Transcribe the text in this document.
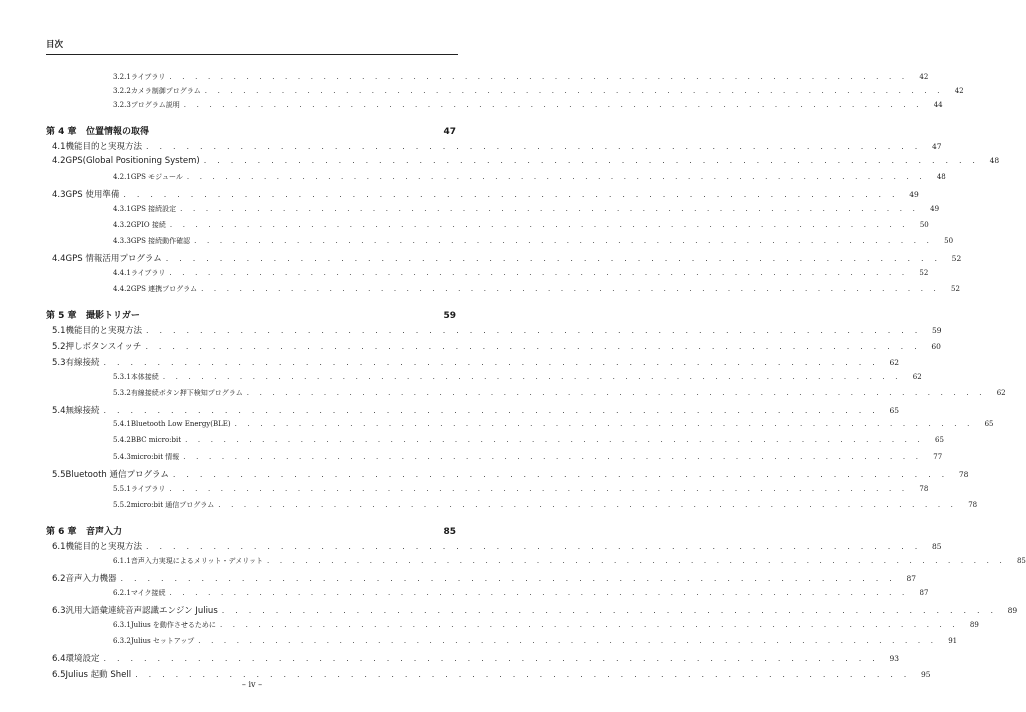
目次
3.2.1 ライブラリ . . . . . . . . . . . . . . . . . . . . . . . . . . . . . . . . . . . . . . . . . . . . . . . . . . . . . . . . . .	42
3.2.2 カメラ制御プログラム . . . . . . . . . . . . . . . . . . . . . . . . . . . . . . . . . . . . . . . . . . . . . . . . . . . . . . . . . .	42
3.2.3 プログラム説明 . . . . . . . . . . . . . . . . . . . . . . . . . . . . . . . . . . . . . . . . . . . . . . . . . . . . . . . . . .	44
第 4 章	位置情報の取得	47
4.1 機能目的と実現方法 . . . . . . . . . . . . . . . . . . . . . . . . . . . . . . . . . . . . . . . . . . . . . . . . . . . . . . . . . .	47
4.2 GPS(Global Positioning System) . . . . . . . . . . . . . . . . . . . . . . . . . . . . . . . . . . . . . . . . . . . . . . . . . . . . . . . . . .	48
4.2.1 GPS モジュール . . . . . . . . . . . . . . . . . . . . . . . . . . . . . . . . . . . . . . . . . . . . . . . . . . . . . . . . . .	48
4.3 GPS 使用準備 . . . . . . . . . . . . . . . . . . . . . . . . . . . . . . . . . . . . . . . . . . . . . . . . . . . . . . . . . .	49
4.3.1 GPS 接続設定 . . . . . . . . . . . . . . . . . . . . . . . . . . . . . . . . . . . . . . . . . . . . . . . . . . . . . . . . . .	49
4.3.2 GPIO 接続 . . . . . . . . . . . . . . . . . . . . . . . . . . . . . . . . . . . . . . . . . . . . . . . . . . . . . . . . . .	50
4.3.3 GPS 接続動作確認 . . . . . . . . . . . . . . . . . . . . . . . . . . . . . . . . . . . . . . . . . . . . . . . . . . . . . . . . . .	50
4.4 GPS 情報活用プログラム . . . . . . . . . . . . . . . . . . . . . . . . . . . . . . . . . . . . . . . . . . . . . . . . . . . . . . . . . .	52
4.4.1 ライブラリ . . . . . . . . . . . . . . . . . . . . . . . . . . . . . . . . . . . . . . . . . . . . . . . . . . . . . . . . . .	52
4.4.2 GPS 連携プログラム . . . . . . . . . . . . . . . . . . . . . . . . . . . . . . . . . . . . . . . . . . . . . . . . . . . . . . . . . .	52
第 5 章	撮影トリガー	59
5.1 機能目的と実現方法 . . . . . . . . . . . . . . . . . . . . . . . . . . . . . . . . . . . . . . . . . . . . . . . . . . . . . . . . . .	59
5.2 押しボタンスイッチ . . . . . . . . . . . . . . . . . . . . . . . . . . . . . . . . . . . . . . . . . . . . . . . . . . . . . . . . . .	60
5.3 有線接続 . . . . . . . . . . . . . . . . . . . . . . . . . . . . . . . . . . . . . . . . . . . . . . . . . . . . . . . . . .	62
5.3.1 本体接続 . . . . . . . . . . . . . . . . . . . . . . . . . . . . . . . . . . . . . . . . . . . . . . . . . . . . . . . . . .	62
5.3.2 有線接続ボタン押下検知プログラム . . . . . . . . . . . . . . . . . . . . . . . . . . . . . . . . . . . . . . . . . . . . . . . . . . . . . . . . . .	62
5.4 無線接続 . . . . . . . . . . . . . . . . . . . . . . . . . . . . . . . . . . . . . . . . . . . . . . . . . . . . . . . . . .	65
5.4.1 Bluetooth Low Energy(BLE) . . . . . . . . . . . . . . . . . . . . . . . . . . . . . . . . . . . . . . . . . . . . . . . . . . . . . . . . . .	65
5.4.2 BBC micro:bit . . . . . . . . . . . . . . . . . . . . . . . . . . . . . . . . . . . . . . . . . . . . . . . . . . . . . . . . . .	65
5.4.3 micro:bit 情報 . . . . . . . . . . . . . . . . . . . . . . . . . . . . . . . . . . . . . . . . . . . . . . . . . . . . . . . . . .	77
5.5 Bluetooth 通信プログラム . . . . . . . . . . . . . . . . . . . . . . . . . . . . . . . . . . . . . . . . . . . . . . . . . . . . . . . . . .	78
5.5.1 ライブラリ . . . . . . . . . . . . . . . . . . . . . . . . . . . . . . . . . . . . . . . . . . . . . . . . . . . . . . . . . .	78
5.5.2 micro:bit 通信プログラム . . . . . . . . . . . . . . . . . . . . . . . . . . . . . . . . . . . . . . . . . . . . . . . . . . . . . . . . . .	78
第 6 章	音声入力	85
6.1 機能目的と実現方法 . . . . . . . . . . . . . . . . . . . . . . . . . . . . . . . . . . . . . . . . . . . . . . . . . . . . . . . . . .	85
6.1.1 音声入力実現によるメリット・デメリット . . . . . . . . . . . . . . . . . . . . . . . . . . . . . . . . . . . . . . . . . . . . . . . . . . . . . . . . . .	85
6.2 音声入力機器 . . . . . . . . . . . . . . . . . . . . . . . . . . . . . . . . . . . . . . . . . . . . . . . . . . . . . . . . . .	87
6.2.1 マイク接続 . . . . . . . . . . . . . . . . . . . . . . . . . . . . . . . . . . . . . . . . . . . . . . . . . . . . . . . . . .	87
6.3 汎用大語彙連続音声認識エンジン Julius . . . . . . . . . . . . . . . . . . . . . . . . . . . . . . . . . . . . . . . . . . . . . . . . . . . . . . . . . .	89
6.3.1 Julius を動作させるために . . . . . . . . . . . . . . . . . . . . . . . . . . . . . . . . . . . . . . . . . . . . . . . . . . . . . . . . . .	89
6.3.2 Julius セットアップ . . . . . . . . . . . . . . . . . . . . . . . . . . . . . . . . . . . . . . . . . . . . . . . . . . . . . . . . . .	91
6.4 環境設定 . . . . . . . . . . . . . . . . . . . . . . . . . . . . . . . . . . . . . . . . . . . . . . . . . . . . . . . . . .	93
6.5 Julius 起動 Shell . . . . . . . . . . . . . . . . . . . . . . . . . . . . . . . . . . . . . . . . . . . . . . . . . . . . . . . . . .	95
– iv –
